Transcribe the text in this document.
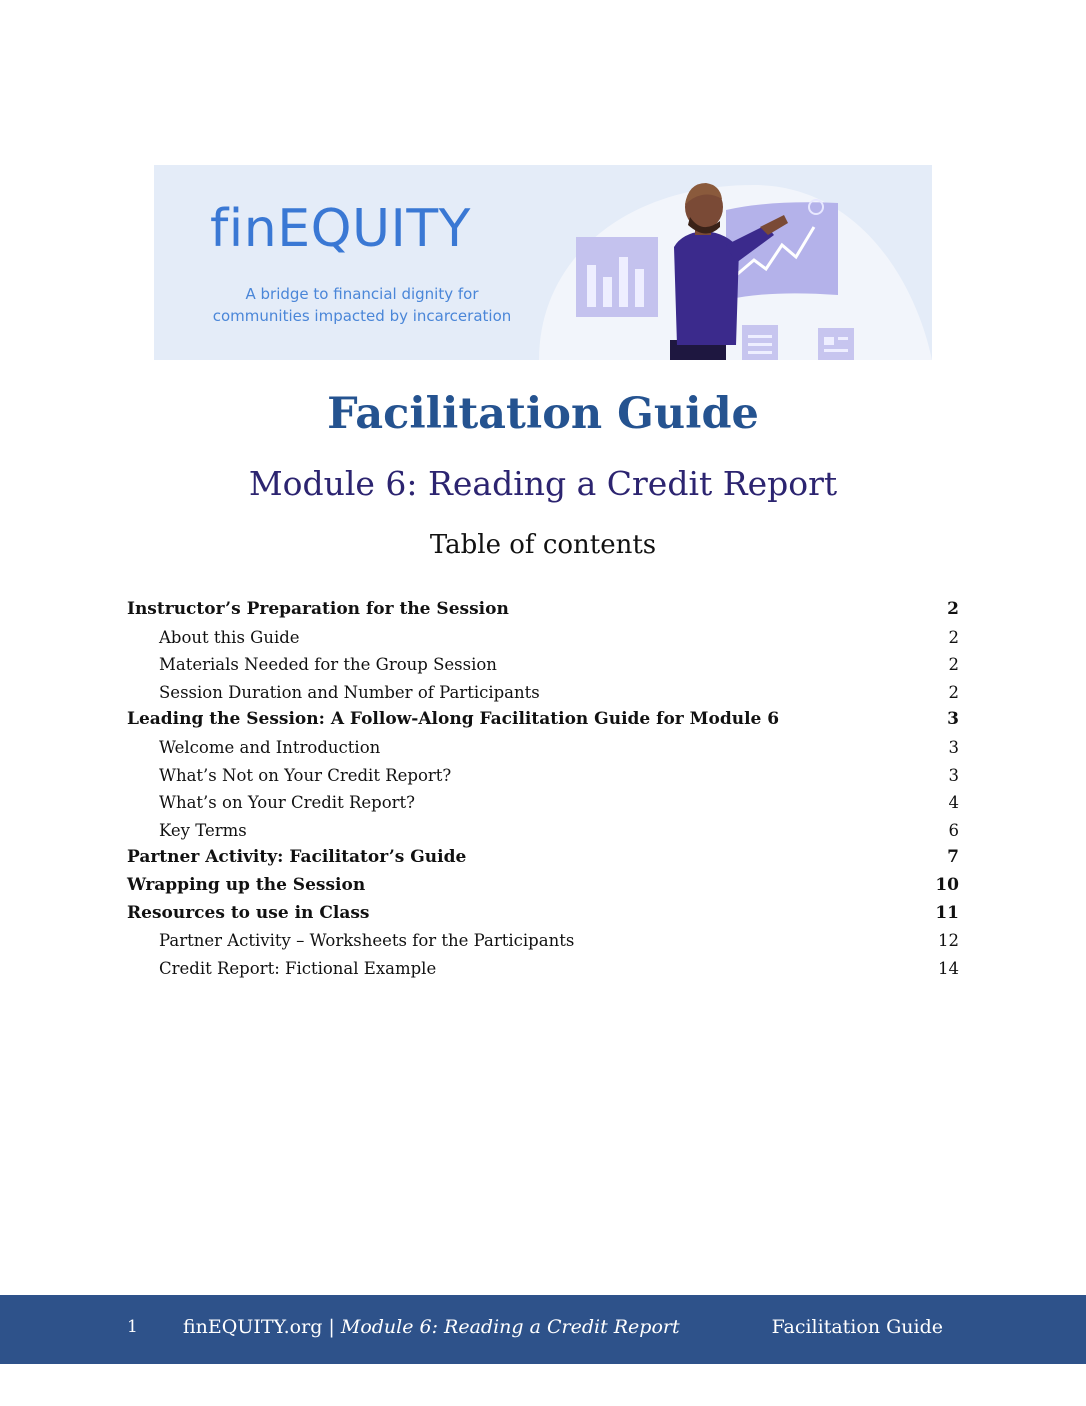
finEQUITY
A bridge to financial dignity for
communities impacted by incarceration
Facilitation Guide
Module 6: Reading a Credit Report
Table of contents
Instructor’s Preparation for the Session	2
About this Guide	2
Materials Needed for the Group Session	2
Session Duration and Number of Participants	2
Leading the Session: A Follow-Along Facilitation Guide for Module 6	3
Welcome and Introduction	3
What’s Not on Your Credit Report?	3
What’s on Your Credit Report?	4
Key Terms	6
Partner Activity: Facilitator’s Guide	7
Wrapping up the Session	10
Resources to use in Class	11
Partner Activity – Worksheets for the Participants	12
Credit Report: Fictional Example	14
1 finEQUITY.org | Module 6: Reading a Credit Report	Facilitation Guide
